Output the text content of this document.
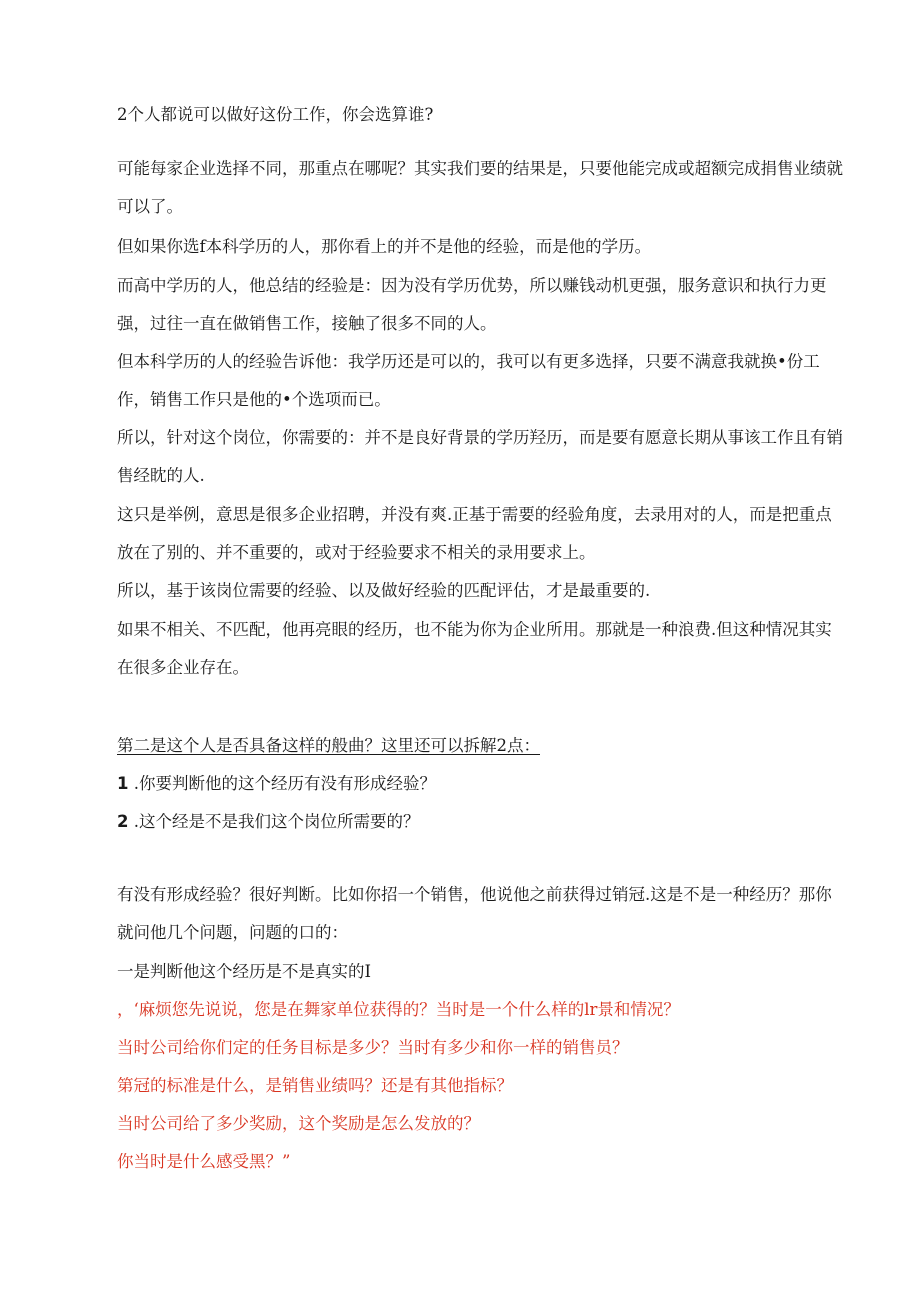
2个人都说可以做好这份工作，你会选算谁?

可能每家企业选择不同，那重点在哪呢？其实我们要的结果是，只要他能完成或超额完成捐售业绩就可以了。

但如果你选f本科学历的人，那你看上的并不是他的经验，而是他的学历。

而高中学历的人，他总结的经验是：因为没有学历优势，所以赚钱动机更强，服务意识和执行力更强，过往一直在做销售工作，接触了很多不同的人。

但本科学历的人的经验告诉他：我学历还是可以的，我可以有更多选择，只要不满意我就换•份工作，销售工作只是他的•个选项而已。

所以，针对这个岗位，你需要的：并不是良好背景的学历羟历，而是要有愿意长期从事该工作且有销售经眈的人.

这只是举例，意思是很多企业招聘，并没有爽.正基于需要的经验角度，去录用对的人，而是把重点放在了别的、并不重要的，或对于经验要求不相关的录用要求上。

所以，基于该岗位需要的经验、以及做好经验的匹配评估，才是最重要的.

如果不相关、不匹配，他再亮眼的经历，也不能为你为企业所用。那就是一种浪费.但这种情况其实在很多企业存在。

第二是这个人是否具备这样的般曲？这里还可以拆解2点：

1 .你要判断他的这个经历有没有形成经验？

2 .这个经是不是我们这个岗位所需要的？

有没有形成经验？很好判断。比如你招一个销售，他说他之前获得过销冠.这是不是一种经历？那你就问他几个问题，问题的口的：

一是判断他这个经历是不是真实的I

，‘麻烦您先说说，您是在舞家单位获得的？当时是一个什么样的lr景和情况？

当时公司给你们定的任务目标是多少？当时有多少和你一样的销售员？

第冠的标准是什么，是销售业绩吗？还是有其他指标？

当时公司给了多少奖励，这个奖励是怎么发放的？

你当时是什么感受黑？”
